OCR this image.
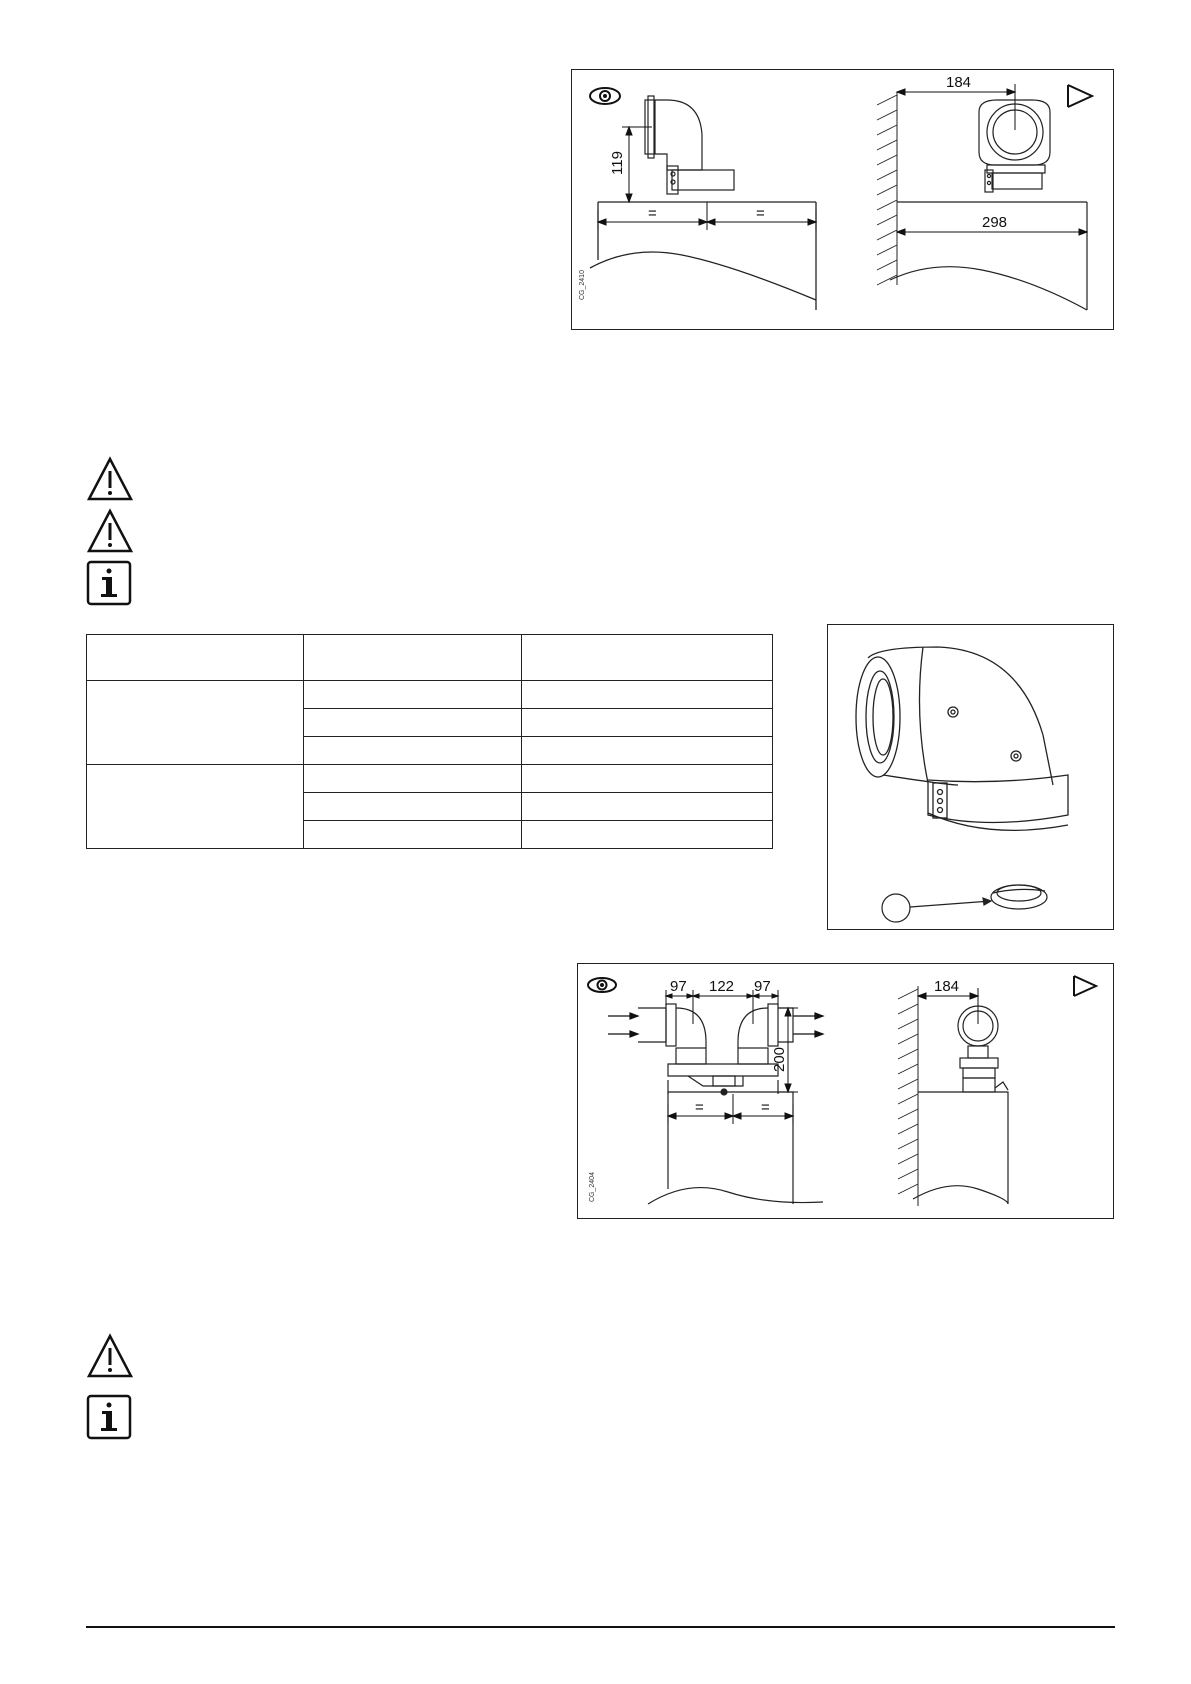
119
=	=
CG_2410
184
298

97 122 97
200
=	=
CG_2404
184
